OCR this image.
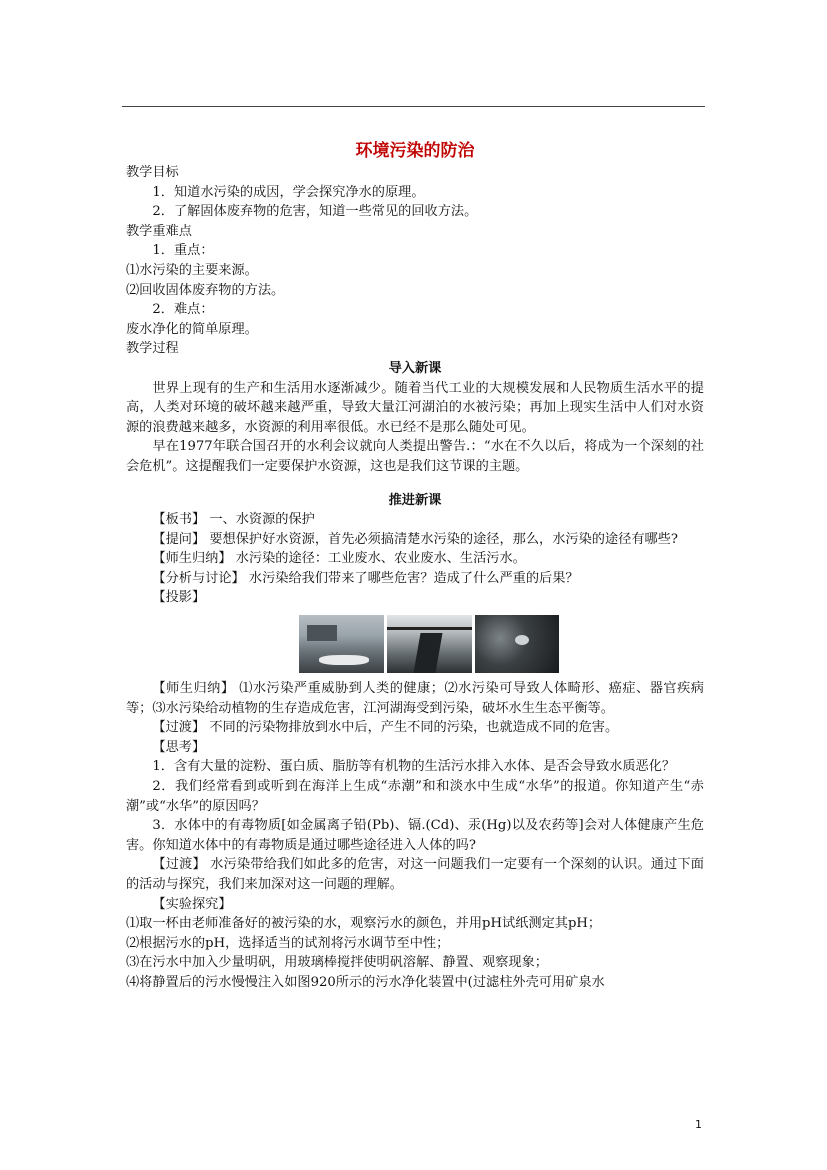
环境污染的防治
教学目标
1．知道水污染的成因，学会探究净水的原理。
2．了解固体废弃物的危害，知道一些常见的回收方法。
教学重难点
1．重点：
⑴水污染的主要来源。
⑵回收固体废弃物的方法。
2．难点：
废水净化的简单原理。
教学过程
导入新课
世界上现有的生产和生活用水逐渐减少。随着当代工业的大规模发展和人民物质生活水平的提高，人类对环境的破坏越来越严重，导致大量江河湖泊的水被污染；再加上现实生活中人们对水资源的浪费越来越多，水资源的利用率很低。水已经不是那么随处可见。
早在1977年联合国召开的水利会议就向人类提出警告.：“水在不久以后，将成为一个深刻的社会危机”。这提醒我们一定要保护水资源，这也是我们这节课的主题。
推进新课
【板书】 一、水资源的保护
【提问】 要想保护好水资源，首先必须搞清楚水污染的途径，那么，水污染的途径有哪些?
【师生归纳】 水污染的途径：工业废水、农业废水、生活污水。
【分析与讨论】 水污染给我们带来了哪些危害？造成了什么严重的后果？
【投影】
【师生归纳】 ⑴水污染严重威胁到人类的健康；⑵水污染可导致人体畸形、癌症、器官疾病等；⑶水污染给动植物的生存造成危害，江河湖海受到污染，破坏水生生态平衡等。
【过渡】 不同的污染物排放到水中后，产生不同的污染，也就造成不同的危害。
【思考】
1．含有大量的淀粉、蛋白质、脂肪等有机物的生活污水排入水体、是否会导致水质恶化？
2．我们经常看到或听到在海洋上生成“赤潮”和和淡水中生成“水华”的报道。你知道产生“赤潮”或“水华”的原因吗？
3．水体中的有毒物质[如金属离子铅(Pb)、镉.(Cd)、汞(Hg)以及农药等]会对人体健康产生危害。你知道水体中的有毒物质是通过哪些途径进入人体的吗?
【过渡】 水污染带给我们如此多的危害，对这一问题我们一定要有一个深刻的认识。通过下面的活动与探究，我们来加深对这一问题的理解。
【实验探究】
⑴取一杯由老师准备好的被污染的水，观察污水的颜色，并用pH试纸测定其pH；
⑵根据污水的pH，选择适当的试剂将污水调节至中性；
⑶在污水中加入少量明矾，用玻璃棒搅拌使明矾溶解、静置、观察现象；
⑷将静置后的污水慢慢注入如图920所示的污水净化装置中(过滤柱外壳可用矿泉水
1
